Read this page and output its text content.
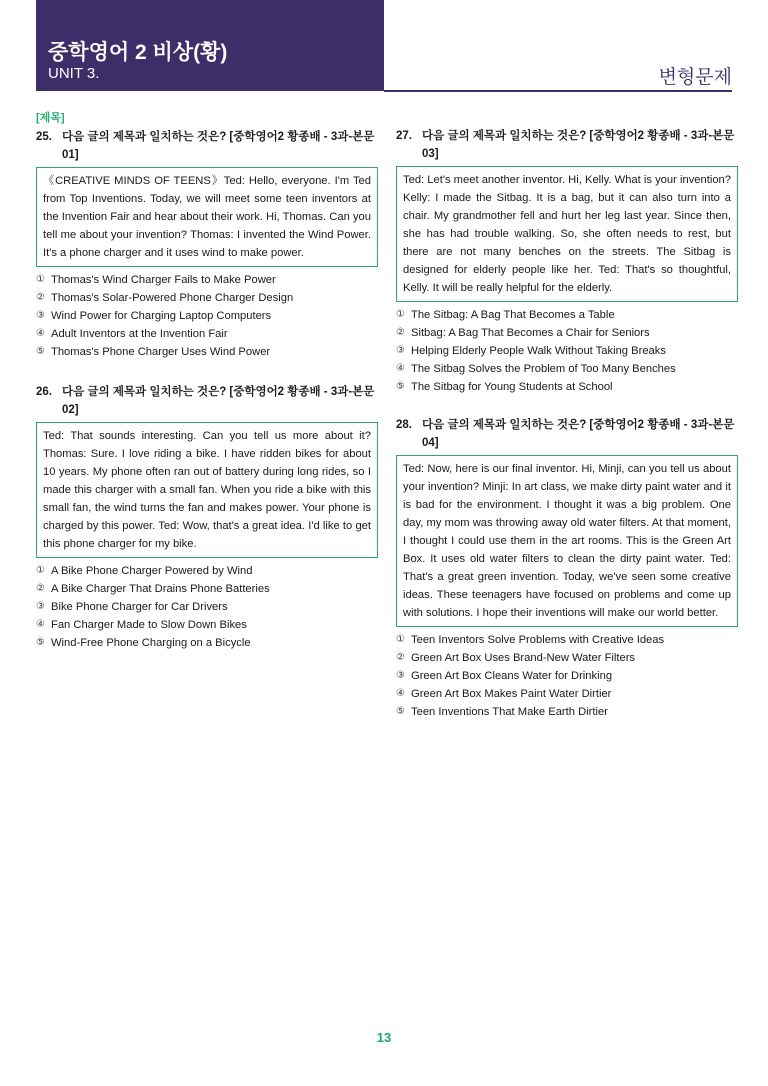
중학영어 2 비상(황)
UNIT 3.	변형문제
[제목]
25. 다음 글의 제목과 일치하는 것은? [중학영어2 황종배 - 3과-본문 01]
《CREATIVE MINDS OF TEENS》Ted: Hello, everyone. I'm Ted from Top Inventions. Today, we will meet some teen inventors at the Invention Fair and hear about their work. Hi, Thomas. Can you tell me about your invention? Thomas: I invented the Wind Power. It's a phone charger and it uses wind to make power.
① Thomas's Wind Charger Fails to Make Power
② Thomas's Solar-Powered Phone Charger Design
③ Wind Power for Charging Laptop Computers
④ Adult Inventors at the Invention Fair
⑤ Thomas's Phone Charger Uses Wind Power
26. 다음 글의 제목과 일치하는 것은? [중학영어2 황종배 - 3과-본문 02]
Ted: That sounds interesting. Can you tell us more about it? Thomas: Sure. I love riding a bike. I have ridden bikes for about 10 years. My phone often ran out of battery during long rides, so I made this charger with a small fan. When you ride a bike with this small fan, the wind turns the fan and makes power. Your phone is charged by this power. Ted: Wow, that's a great idea. I'd like to get this phone charger for my bike.
① A Bike Phone Charger Powered by Wind
② A Bike Charger That Drains Phone Batteries
③ Bike Phone Charger for Car Drivers
④ Fan Charger Made to Slow Down Bikes
⑤ Wind-Free Phone Charging on a Bicycle
27. 다음 글의 제목과 일치하는 것은? [중학영어2 황종배 - 3과-본문 03]
Ted: Let's meet another inventor. Hi, Kelly. What is your invention? Kelly: I made the Sitbag. It is a bag, but it can also turn into a chair. My grandmother fell and hurt her leg last year. Since then, she has had trouble walking. So, she often needs to rest, but there are not many benches on the streets. The Sitbag is designed for elderly people like her. Ted: That's so thoughtful, Kelly. It will be really helpful for the elderly.
① The Sitbag: A Bag That Becomes a Table
② Sitbag: A Bag That Becomes a Chair for Seniors
③ Helping Elderly People Walk Without Taking Breaks
④ The Sitbag Solves the Problem of Too Many Benches
⑤ The Sitbag for Young Students at School
28. 다음 글의 제목과 일치하는 것은? [중학영어2 황종배 - 3과-본문 04]
Ted: Now, here is our final inventor. Hi, Minji, can you tell us about your invention? Minji: In art class, we make dirty paint water and it is bad for the environment. I thought it was a big problem. One day, my mom was throwing away old water filters. At that moment, I thought I could use them in the art rooms. This is the Green Art Box. It uses old water filters to clean the dirty paint water. Ted: That's a great green invention. Today, we've seen some creative ideas. These teenagers have focused on problems and come up with solutions. I hope their inventions will make our world better.
① Teen Inventors Solve Problems with Creative Ideas
② Green Art Box Uses Brand-New Water Filters
③ Green Art Box Cleans Water for Drinking
④ Green Art Box Makes Paint Water Dirtier
⑤ Teen Inventions That Make Earth Dirtier
13
